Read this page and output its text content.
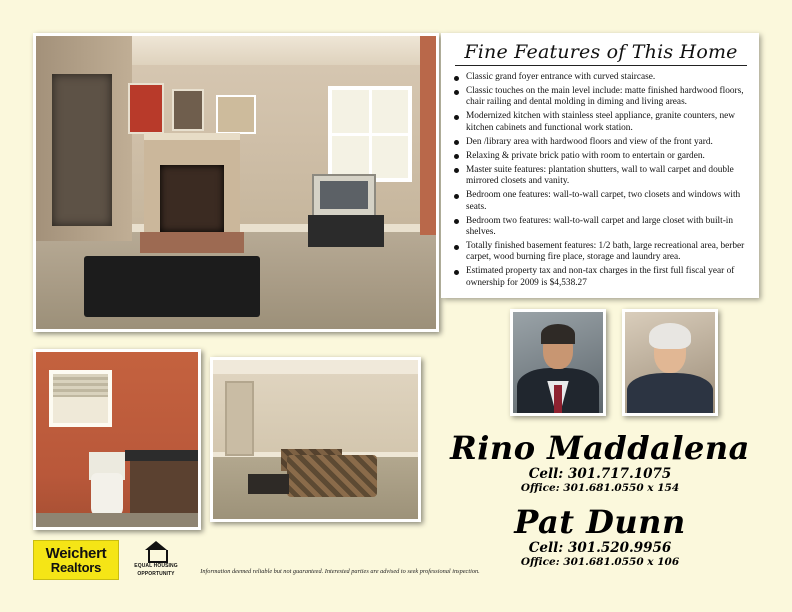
Fine Features of This Home
Classic grand foyer entrance with curved staircase.
Classic touches on the main level include: matte finished hardwood floors, chair railing and dental molding in diming and living areas.
Modernized kitchen with stainless steel appliance, granite counters, new kitchen cabinets and functional work station.
Den /library area with hardwood floors and view of the front yard.
Relaxing & private brick patio with room to entertain or garden.
Master suite features: plantation shutters, wall to wall carpet and double mirrored closets and vanity.
Bedroom one features: wall-to-wall carpet, two closets and windows with seats.
Bedroom two features: wall-to-wall carpet and large closet with built-in shelves.
Totally finished basement features: 1/2 bath, large recreational area, berber carpet, wood burning fire place, storage and laundry area.
Estimated property tax and non-tax charges in the first full fiscal year of ownership for 2009 is $4,538.27
Rino Maddalena
Cell: 301.717.1075
Office: 301.681.0550 x 154
Pat Dunn
Cell: 301.520.9956
Office: 301.681.0550 x 106
Weichert
Realtors	EQUAL HOUSING
OPPORTUNITY	Information deemed reliable but not guaranteed. Interested parties are advised to seek professional inspection.
